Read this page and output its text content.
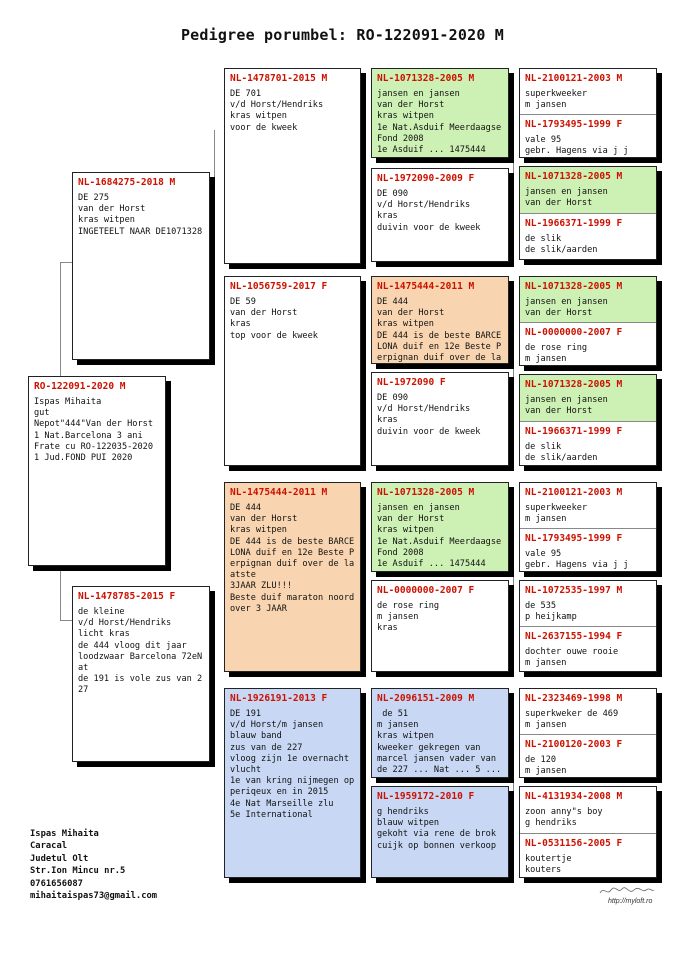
Pedigree porumbel: RO-122091-2020 M
RO-122091-2020 M
Ispas Mihaita
gut
Nepot"444"Van der Horst
1 Nat.Barcelona 3 ani
Frate cu RO-122035-2020
1 Jud.FOND PUI 2020
NL-1684275-2018 M
DE 275
van der Horst
kras witpen
INGETEELT NAAR DE1071328
NL-1478785-2015 F
de kleine
v/d Horst/Hendriks
licht kras
de 444 vloog dit jaar
loodzwaar Barcelona 72eN
at
de 191 is vole zus van 2
27
NL-1478701-2015 M
DE 701
v/d Horst/Hendriks
kras witpen
voor de kweek
NL-1056759-2017 F
DE 59
van der Horst
kras
top voor de kweek
NL-1475444-2011 M
DE 444
van der Horst
kras witpen
DE 444 is de beste BARCE
LONA duif en 12e Beste P
erpignan duif over de la
atste
3JAAR ZLU!!!
Beste duif maraton noord
over 3 JAAR
NL-1926191-2013 F
DE 191
v/d Horst/m jansen
blauw band
zus van de 227
vloog zijn 1e overnacht
vlucht
1e van kring nijmegen op
periqeux en in 2015
4e Nat Marseille zlu
5e International
NL-1071328-2005 M
jansen en jansen
van der Horst
kras witpen
1e Nat.Asduif Meerdaagse
Fond 2008
1e Asduif ... 1475444
NL-1972090-2009 F
DE 090
v/d Horst/Hendriks
kras
duivin voor de kweek
NL-1475444-2011 M
DE 444
van der Horst
kras witpen
DE 444 is de beste BARCE
LONA duif en 12e Beste P
erpignan duif over de la
NL-1972090 F
DE 090
v/d Horst/Hendriks
kras
duivin voor de kweek
NL-1071328-2005 M
jansen en jansen
van der Horst
kras witpen
1e Nat.Asduif Meerdaagse
Fond 2008
1e Asduif ... 1475444
NL-0000000-2007 F
de rose ring
m jansen
kras
NL-2096151-2009 M
de 51
m jansen
kras witpen
kweeker gekregen van
marcel jansen vader van
de 227 ... Nat ... 5 ...
NL-1959172-2010 F
g hendriks
blauw witpen
gekoht via rene de brok
cuijk op bonnen verkoop
NL-2100121-2003 M
superkweeker
m jansen
NL-1793495-1999 F
vale 95
gebr. Hagens via j j
NL-1071328-2005 M
jansen en jansen
van der Horst
NL-1966371-1999 F
de slik
de slik/aarden
NL-1071328-2005 M
jansen en jansen
van der Horst
NL-0000000-2007 F
de rose ring
m jansen
NL-1071328-2005 M
jansen en jansen
van der Horst
NL-1966371-1999 F
de slik
de slik/aarden
NL-2100121-2003 M
superkweeker
m jansen
NL-1793495-1999 F
vale 95
gebr. Hagens via j j
NL-1072535-1997 M
de 535
p heijkamp
NL-2637155-1994 F
dochter ouwe rooie
m jansen
NL-2323469-1998 M
superkweker de 469
m jansen
NL-2100120-2003 F
de 120
m jansen
NL-4131934-2008 M
zoon anny"s boy
g hendriks
NL-0531156-2005 F
koutertje
kouters
Ispas Mihaita
Caracal
Judetul Olt
Str.Ion Mincu nr.5
0761656087
mihaitaispas73@gmail.com
http://myloft.ro
